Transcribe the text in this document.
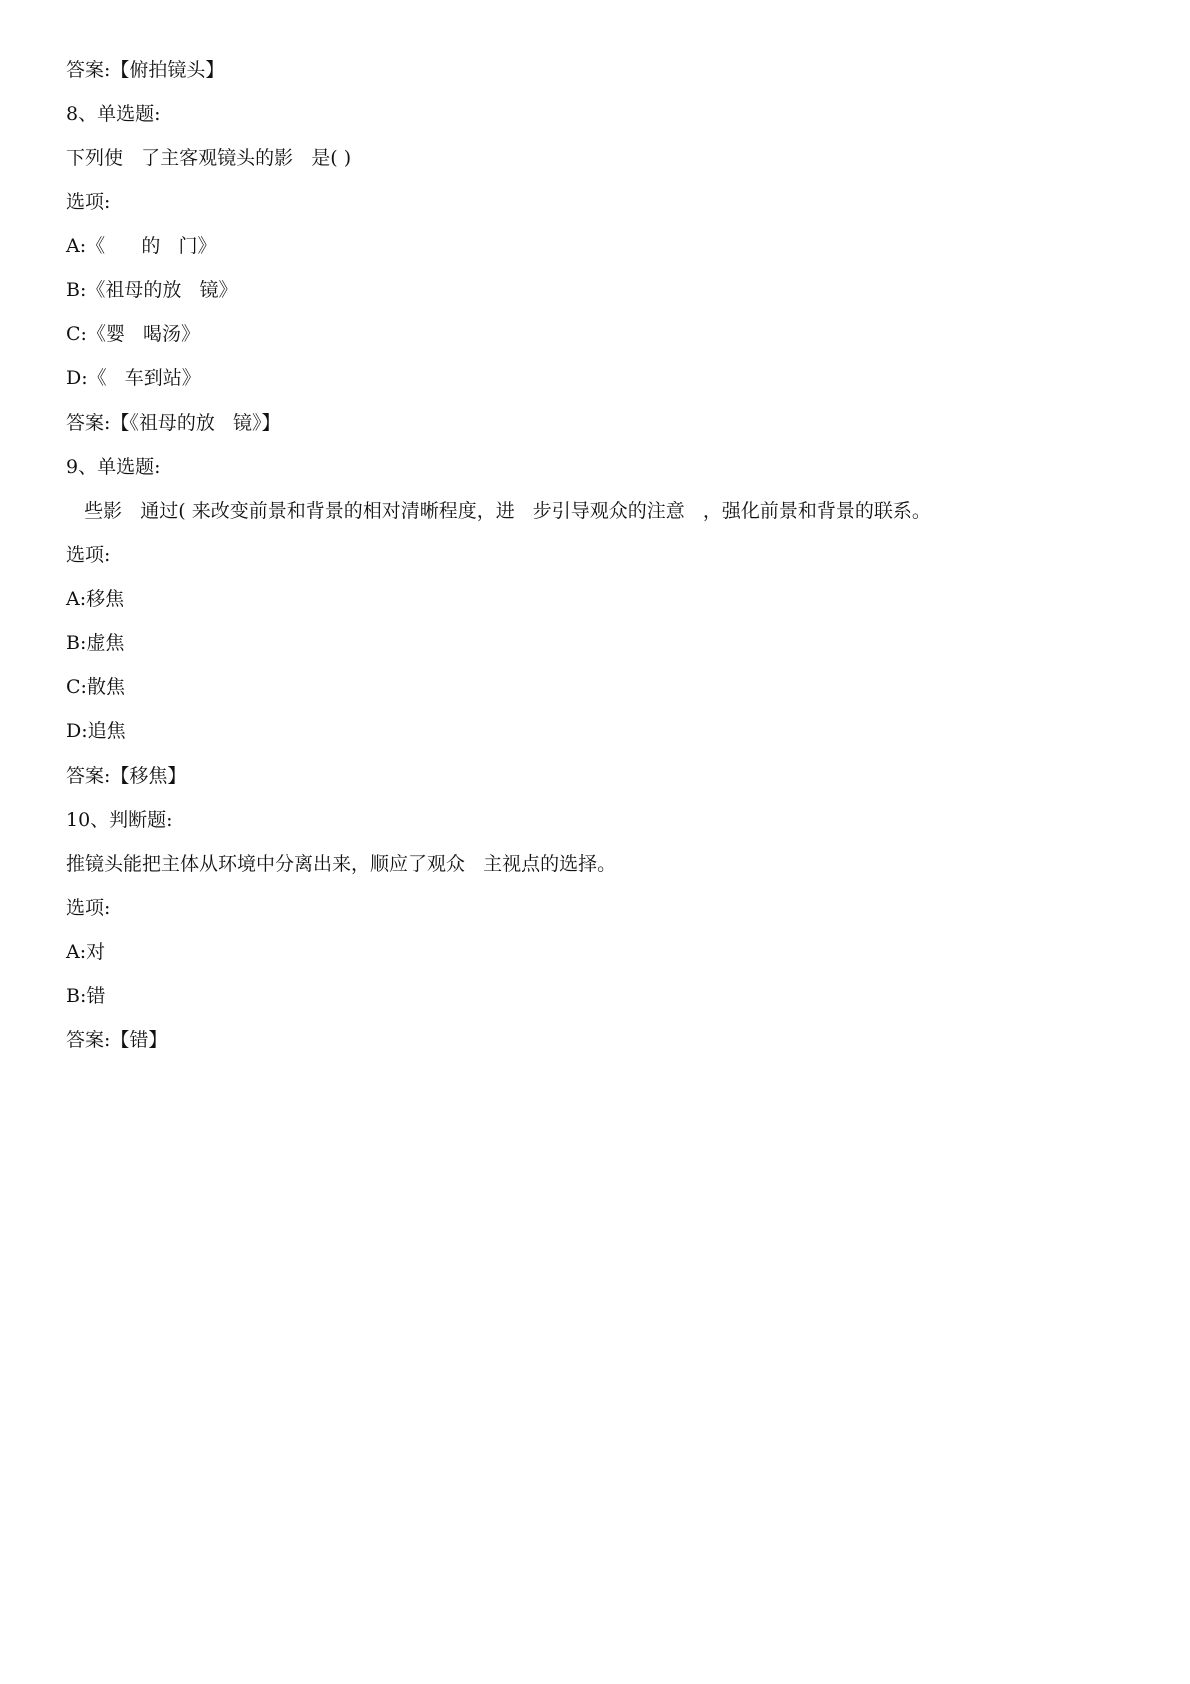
答案:【俯拍镜头】
8、单选题:
下列使   了主客观镜头的影   是( )
选项:
A:《      的   门》
B:《祖母的放   镜》
C:《婴   喝汤》
D:《   车到站》
答案:【《祖母的放   镜》】
9、单选题:
些影   通过( 来改变前景和背景的相对清晰程度，进   步引导观众的注意   ，强化前景和背景的联系。
选项:
A:移焦
B:虚焦
C:散焦
D:追焦
答案:【移焦】
10、判断题:
推镜头能把主体从环境中分离出来，顺应了观众   主视点的选择。
选项:
A:对
B:错
答案:【错】
